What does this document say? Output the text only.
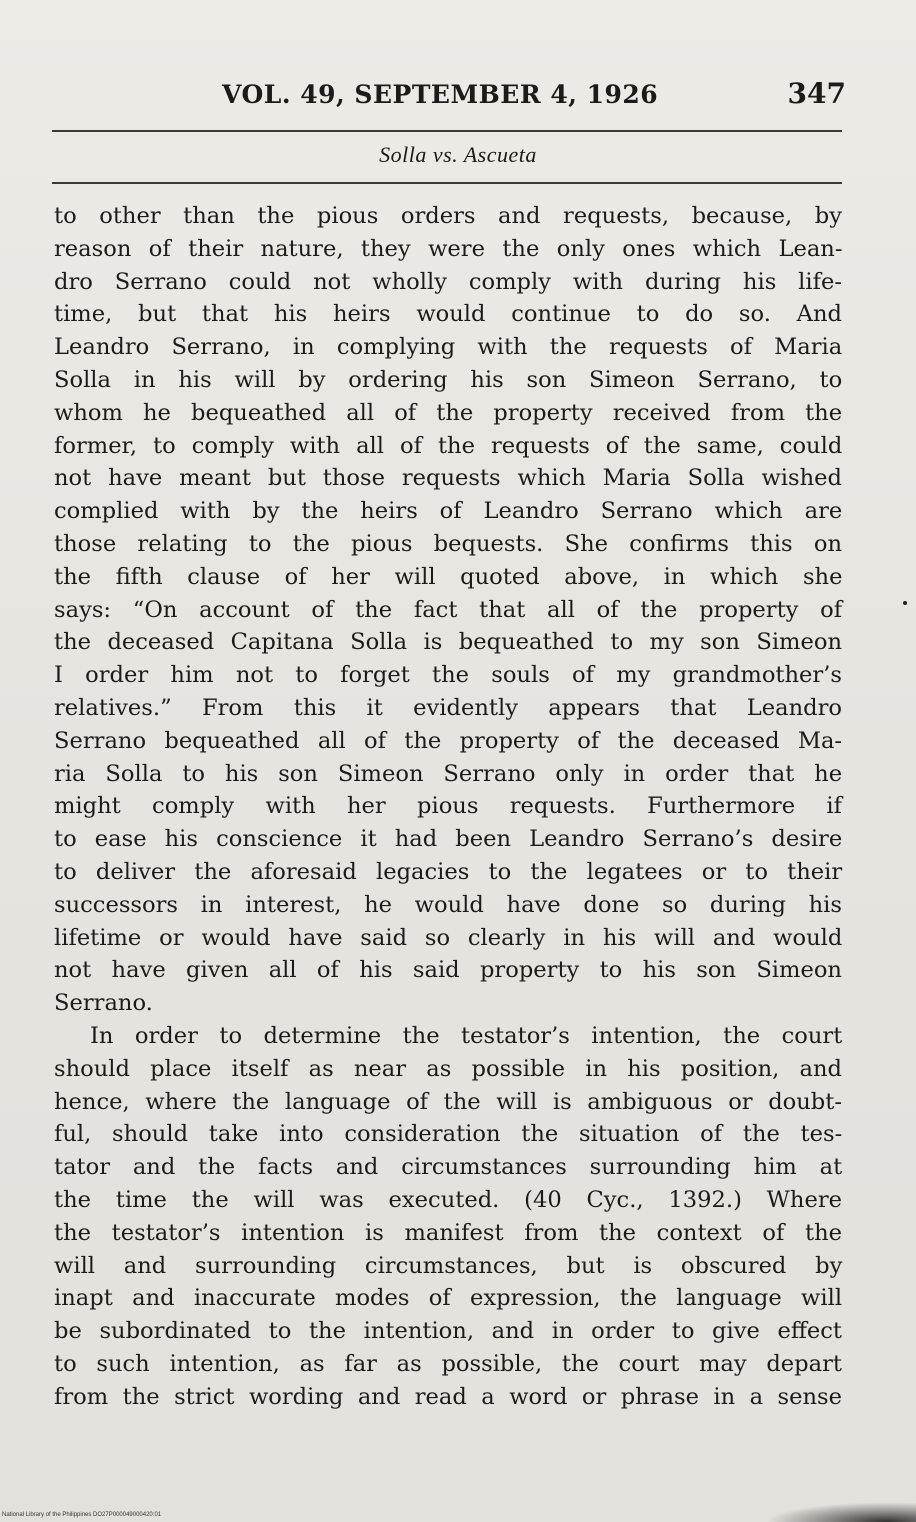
VOL. 49, SEPTEMBER 4, 1926	347
Solla vs. Ascueta
to other than the pious orders and requests, because, by
reason of their nature, they were the only ones which Lean-
dro Serrano could not wholly comply with during his life-
time, but that his heirs would continue to do so. And
Leandro Serrano, in complying with the requests of Maria
Solla in his will by ordering his son Simeon Serrano, to
whom he bequeathed all of the property received from the
former, to comply with all of the requests of the same, could
not have meant but those requests which Maria Solla wished
complied with by the heirs of Leandro Serrano which are
those relating to the pious bequests. She confirms this on
the fifth clause of her will quoted above, in which she
says: “On account of the fact that all of the property of
the deceased Capitana Solla is bequeathed to my son Simeon
I order him not to forget the souls of my grandmother’s
relatives.” From this it evidently appears that Leandro
Serrano bequeathed all of the property of the deceased Ma-
ria Solla to his son Simeon Serrano only in order that he
might comply with her pious requests. Furthermore if
to ease his conscience it had been Leandro Serrano’s desire
to deliver the aforesaid legacies to the legatees or to their
successors in interest, he would have done so during his
lifetime or would have said so clearly in his will and would
not have given all of his said property to his son Simeon
Serrano.
In order to determine the testator’s intention, the court
should place itself as near as possible in his position, and
hence, where the language of the will is ambiguous or doubt-
ful, should take into consideration the situation of the tes-
tator and the facts and circumstances surrounding him at
the time the will was executed. (40 Cyc., 1392.) Where
the testator’s intention is manifest from the context of the
will and surrounding circumstances, but is obscured by
inapt and inaccurate modes of expression, the language will
be subordinated to the intention, and in order to give effect
to such intention, as far as possible, the court may depart
from the strict wording and read a word or phrase in a sense
National Library of the Philippines DO27P000049000420:01
